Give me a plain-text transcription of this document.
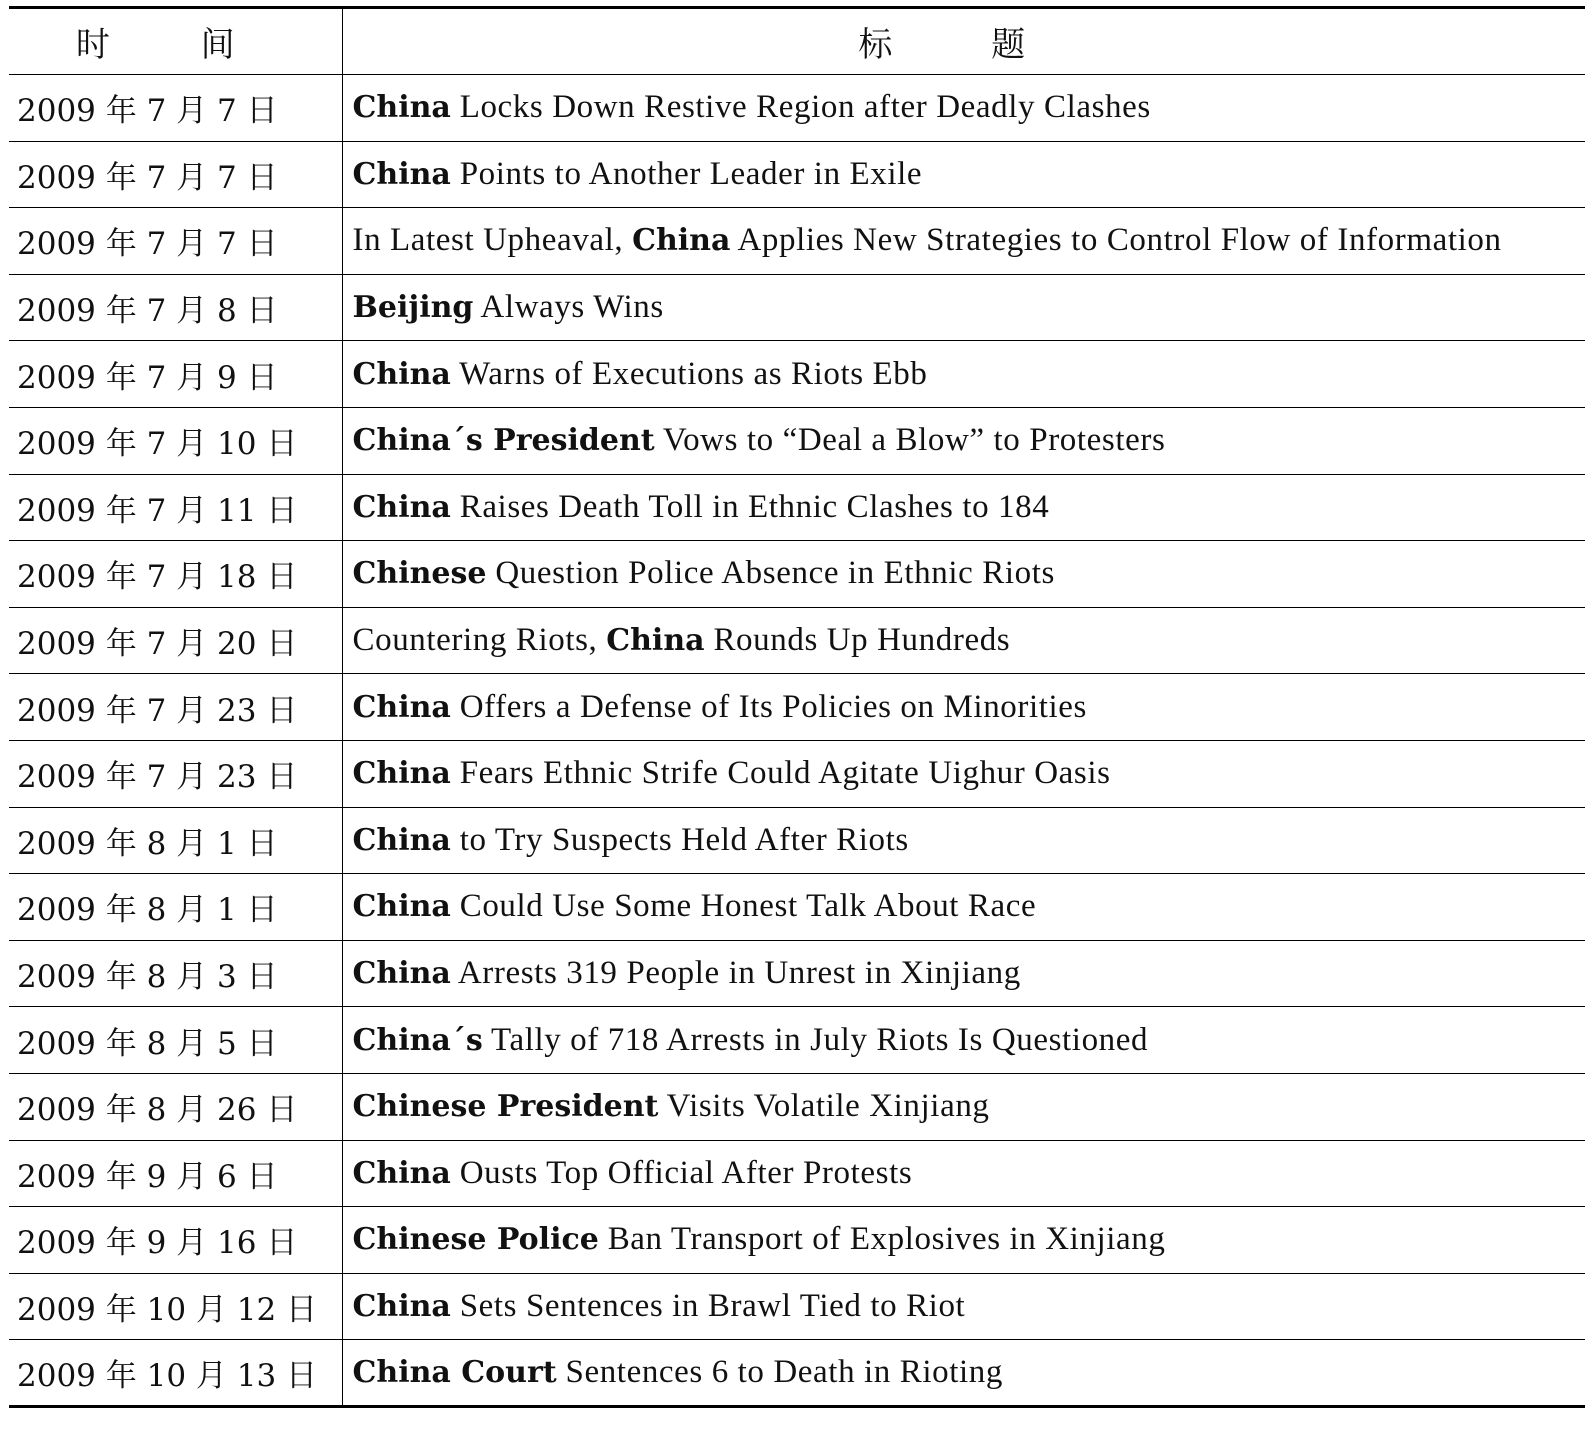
时 间	标 题
2009 年 7 月 7 日	China Locks Down Restive Region after Deadly Clashes
2009 年 7 月 7 日	China Points to Another Leader in Exile
2009 年 7 月 7 日	In Latest Upheaval, China Applies New Strategies to Control Flow of Information
2009 年 7 月 8 日	Beijing Always Wins
2009 年 7 月 9 日	China Warns of Executions as Riots Ebb
2009 年 7 月 10 日	China´s President Vows to “Deal a Blow” to Protesters
2009 年 7 月 11 日	China Raises Death Toll in Ethnic Clashes to 184
2009 年 7 月 18 日	Chinese Question Police Absence in Ethnic Riots
2009 年 7 月 20 日	Countering Riots, China Rounds Up Hundreds
2009 年 7 月 23 日	China Offers a Defense of Its Policies on Minorities
2009 年 7 月 23 日	China Fears Ethnic Strife Could Agitate Uighur Oasis
2009 年 8 月 1 日	China to Try Suspects Held After Riots
2009 年 8 月 1 日	China Could Use Some Honest Talk About Race
2009 年 8 月 3 日	China Arrests 319 People in Unrest in Xinjiang
2009 年 8 月 5 日	China´s Tally of 718 Arrests in July Riots Is Questioned
2009 年 8 月 26 日	Chinese President Visits Volatile Xinjiang
2009 年 9 月 6 日	China Ousts Top Official After Protests
2009 年 9 月 16 日	Chinese Police Ban Transport of Explosives in Xinjiang
2009 年 10 月 12 日	China Sets Sentences in Brawl Tied to Riot
2009 年 10 月 13 日	China Court Sentences 6 to Death in Rioting
